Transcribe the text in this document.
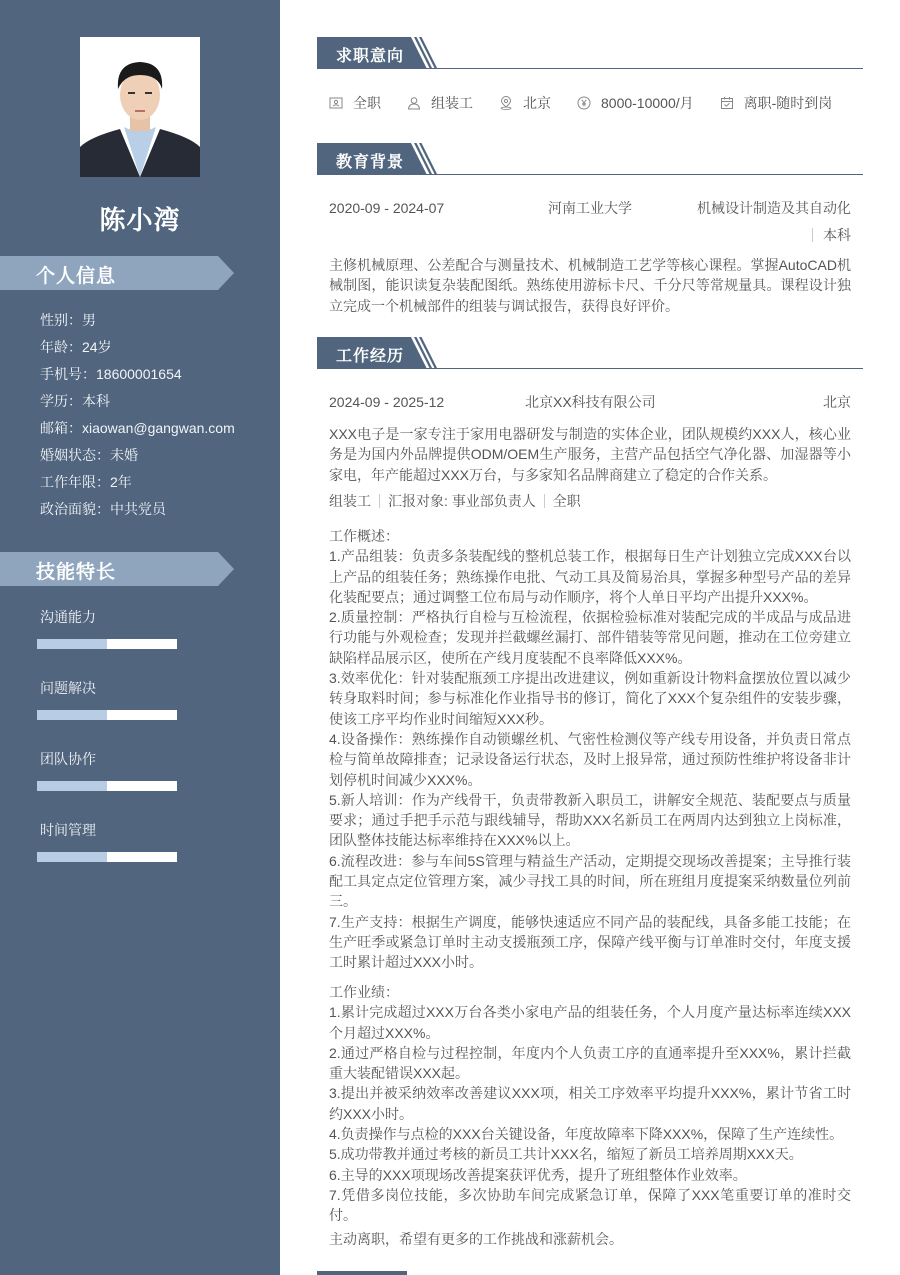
陈小湾
个人信息
性别：男
年龄：24岁
手机号：18600001654
学历：本科
邮箱：xiaowan@gangwan.com
婚姻状态：未婚
工作年限：2年
政治面貌：中共党员
技能特长
沟通能力
问题解决
团队协作
时间管理
求职意向
全职	组装工	北京	8000-10000/月	离职-随时到岗
教育背景
2020-09 - 2024-07	河南工业大学	机械设计制造及其自动化
本科

主修机械原理、公差配合与测量技术、机械制造工艺学等核心课程。掌握AutoCAD机械制图，能识读复杂装配图纸。熟练使用游标卡尺、千分尺等常规量具。课程设计独立完成一个机械部件的组装与调试报告，获得良好评价。

工作经历
2024-09 - 2025-12	北京XX科技有限公司	北京

XXX电子是一家专注于家用电器研发与制造的实体企业，团队规模约XXX人，核心业务是为国内外品牌提供ODM/OEM生产服务，主营产品包括空气净化器、加湿器等小家电，年产能超过XXX万台，与多家知名品牌商建立了稳定的合作关系。

组装工 汇报对象: 事业部负责人 全职

工作概述：

1.产品组装：负责多条装配线的整机总装工作，根据每日生产计划独立完成XXX台以上产品的组装任务；熟练操作电批、气动工具及简易治具，掌握多种型号产品的差异化装配要点；通过调整工位布局与动作顺序，将个人单日平均产出提升XXX%。

2.质量控制：严格执行自检与互检流程，依据检验标准对装配完成的半成品与成品进行功能与外观检查；发现并拦截螺丝漏打、部件错装等常见问题，推动在工位旁建立缺陷样品展示区，使所在产线月度装配不良率降低XXX%。

3.效率优化：针对装配瓶颈工序提出改进建议，例如重新设计物料盒摆放位置以减少转身取料时间；参与标准化作业指导书的修订，简化了XXX个复杂组件的安装步骤，使该工序平均作业时间缩短XXX秒。

4.设备操作：熟练操作自动锁螺丝机、气密性检测仪等产线专用设备，并负责日常点检与简单故障排查；记录设备运行状态，及时上报异常，通过预防性维护将设备非计划停机时间减少XXX%。

5.新人培训：作为产线骨干，负责带教新入职员工，讲解安全规范、装配要点与质量要求；通过手把手示范与跟线辅导，帮助XXX名新员工在两周内达到独立上岗标准，团队整体技能达标率维持在XXX%以上。

6.流程改进：参与车间5S管理与精益生产活动，定期提交现场改善提案；主导推行装配工具定点定位管理方案，减少寻找工具的时间，所在班组月度提案采纳数量位列前三。

7.生产支持：根据生产调度，能够快速适应不同产品的装配线，具备多能工技能；在生产旺季或紧急订单时主动支援瓶颈工序，保障产线平衡与订单准时交付，年度支援工时累计超过XXX小时。

工作业绩：

1.累计完成超过XXX万台各类小家电产品的组装任务，个人月度产量达标率连续XXX个月超过XXX%。

2.通过严格自检与过程控制，年度内个人负责工序的直通率提升至XXX%，累计拦截重大装配错误XXX起。

3.提出并被采纳效率改善建议XXX项，相关工序效率平均提升XXX%，累计节省工时约XXX小时。

4.负责操作与点检的XXX台关键设备，年度故障率下降XXX%，保障了生产连续性。

5.成功带教并通过考核的新员工共计XXX名，缩短了新员工培养周期XXX天。

6.主导的XXX项现场改善提案获评优秀，提升了班组整体作业效率。

7.凭借多岗位技能，多次协助车间完成紧急订单，保障了XXX笔重要订单的准时交付。

主动离职，希望有更多的工作挑战和涨薪机会。
